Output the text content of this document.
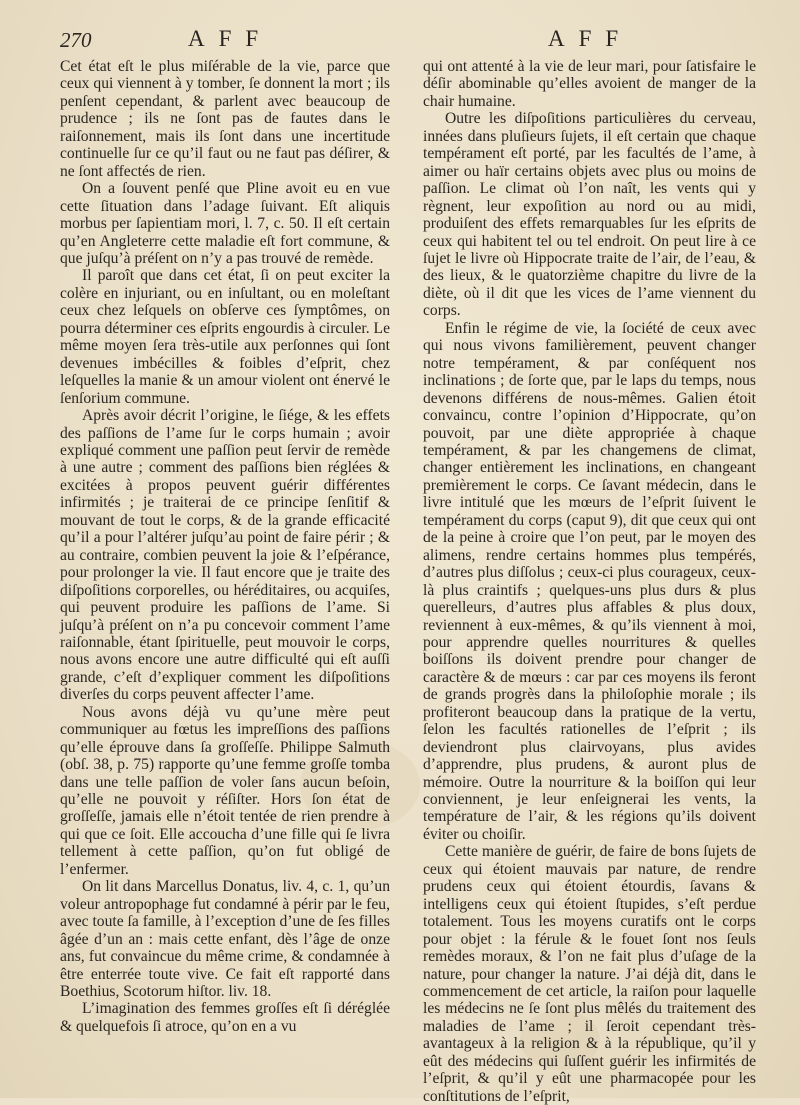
270	AFF	AFF

Cet état eſt le plus miſérable de la vie, parce que ceux qui viennent à y tomber, ſe donnent la mort ; ils penſent cependant, & parlent avec beaucoup de prudence ; ils ne ſont pas de fautes dans le raiſonnement, mais ils ſont dans une incertitude continuelle ſur ce qu’il faut ou ne faut pas déſirer, & ne ſont affectés de rien.

On a ſouvent penſé que Pline avoit eu en vue cette ſituation dans l’adage ſuivant. Eſt aliquis morbus per ſapientiam mori, l. 7, c. 50. Il eſt certain qu’en Angleterre cette maladie eſt fort commune, & que juſqu’à préſent on n’y a pas trouvé de remède.

Il paroît que dans cet état, ſi on peut exciter la colère en injuriant, ou en inſultant, ou en moleſtant ceux chez leſquels on obſerve ces ſymptômes, on pourra déterminer ces eſprits engourdis à circuler. Le même moyen ſera très-utile aux perſonnes qui ſont devenues imbécilles & foibles d’eſprit, chez leſquelles la manie & un amour violent ont énervé le ſenſorium commune.

Après avoir décrit l’origine, le ſiége, & les effets des paſſions de l’ame ſur le corps humain ; avoir expliqué comment une paſſion peut ſervir de remède à une autre ; comment des paſſions bien réglées & excitées à propos peuvent guérir différentes infirmités ; je traiterai de ce principe ſenſitif & mouvant de tout le corps, & de la grande efficacité qu’il a pour l’altérer juſqu’au point de faire périr ; & au contraire, combien peuvent la joie & l’eſpérance, pour prolonger la vie. Il faut encore que je traite des diſpoſitions corporelles, ou héréditaires, ou acquiſes, qui peuvent produire les paſſions de l’ame. Si juſqu’à préſent on n’a pu concevoir comment l’ame raiſonnable, étant ſpirituelle, peut mouvoir le corps, nous avons encore une autre difficulté qui eſt auſſi grande, c’eſt d’expliquer comment les diſpoſitions diverſes du corps peuvent affecter l’ame.

Nous avons déjà vu qu’une mère peut communiquer au fœtus les impreſſions des paſſions qu’elle éprouve dans ſa groſſeſſe. Philippe Salmuth (obſ. 38, p. 75) rapporte qu’une femme groſſe tomba dans une telle paſſion de voler ſans aucun beſoin, qu’elle ne pouvoit y réſiſter. Hors ſon état de groſſeſſe, jamais elle n’étoit tentée de rien prendre à qui que ce ſoit. Elle accoucha d’une fille qui ſe livra tellement à cette paſſion, qu’on fut obligé de l’enfermer.

On lit dans Marcellus Donatus, liv. 4, c. 1, qu’un voleur antropophage fut condamné à périr par le feu, avec toute ſa famille, à l’exception d’une de ſes filles âgée d’un an : mais cette enfant, dès l’âge de onze ans, fut convaincue du même crime, & condamnée à être enterrée toute vive. Ce fait eſt rapporté dans Boethius, Scotorum hiſtor. liv. 18.

L’imagination des femmes groſſes eſt ſi déréglée & quelquefois ſi atroce, qu’on en a vu

qui ont attenté à la vie de leur mari, pour ſatisfaire le déſir abominable qu’elles avoient de manger de la chair humaine.

Outre les diſpoſitions particulières du cerveau, innées dans pluſieurs ſujets, il eſt certain que chaque tempérament eſt porté, par les facultés de l’ame, à aimer ou haïr certains objets avec plus ou moins de paſſion. Le climat où l’on naît, les vents qui y règnent, leur expoſition au nord ou au midi, produiſent des effets remarquables ſur les eſprits de ceux qui habitent tel ou tel endroit. On peut lire à ce ſujet le livre où Hippocrate traite de l’air, de l’eau, & des lieux, & le quatorzième chapitre du livre de la diète, où il dit que les vices de l’ame viennent du corps.

Enfin le régime de vie, la ſociété de ceux avec qui nous vivons familièrement, peuvent changer notre tempérament, & par conſéquent nos inclinations ; de ſorte que, par le laps du temps, nous devenons différens de nous-mêmes. Galien étoit convaincu, contre l’opinion d’Hippocrate, qu’on pouvoit, par une diète appropriée à chaque tempérament, & par les changemens de climat, changer entièrement les inclinations, en changeant premièrement le corps. Ce ſavant médecin, dans le livre intitulé que les mœurs de l’eſprit ſuivent le tempérament du corps (caput 9), dit que ceux qui ont de la peine à croire que l’on peut, par le moyen des alimens, rendre certains hommes plus tempérés, d’autres plus diſſolus ; ceux-ci plus courageux, ceux-là plus craintifs ; quelques-uns plus durs & plus querelleurs, d’autres plus affables & plus doux, reviennent à eux-mêmes, & qu’ils viennent à moi, pour apprendre quelles nourritures & quelles boiſſons ils doivent prendre pour changer de caractère & de mœurs : car par ces moyens ils feront de grands progrès dans la philoſophie morale ; ils profiteront beaucoup dans la pratique de la vertu, ſelon les facultés rationelles de l’eſprit ; ils deviendront plus clairvoyans, plus avides d’apprendre, plus prudens, & auront plus de mémoire. Outre la nourriture & la boiſſon qui leur conviennent, je leur enſeignerai les vents, la température de l’air, & les régions qu’ils doivent éviter ou choiſir.

Cette manière de guérir, de faire de bons ſujets de ceux qui étoient mauvais par nature, de rendre prudens ceux qui étoient étourdis, ſavans & intelligens ceux qui étoient ſtupides, s’eſt perdue totalement. Tous les moyens curatifs ont le corps pour objet : la férule & le fouet ſont nos ſeuls remèdes moraux, & l’on ne fait plus d’uſage de la nature, pour changer la nature. J’ai déjà dit, dans le commencement de cet article, la raiſon pour laquelle les médecins ne ſe ſont plus mêlés du traitement des maladies de l’ame ; il ſeroit cependant très-avantageux à la religion & à la république, qu’il y eût des médecins qui ſuſſent guérir les infirmités de l’eſprit, & qu’il y eût une pharmacopée pour les conſtitutions de l’eſprit,
